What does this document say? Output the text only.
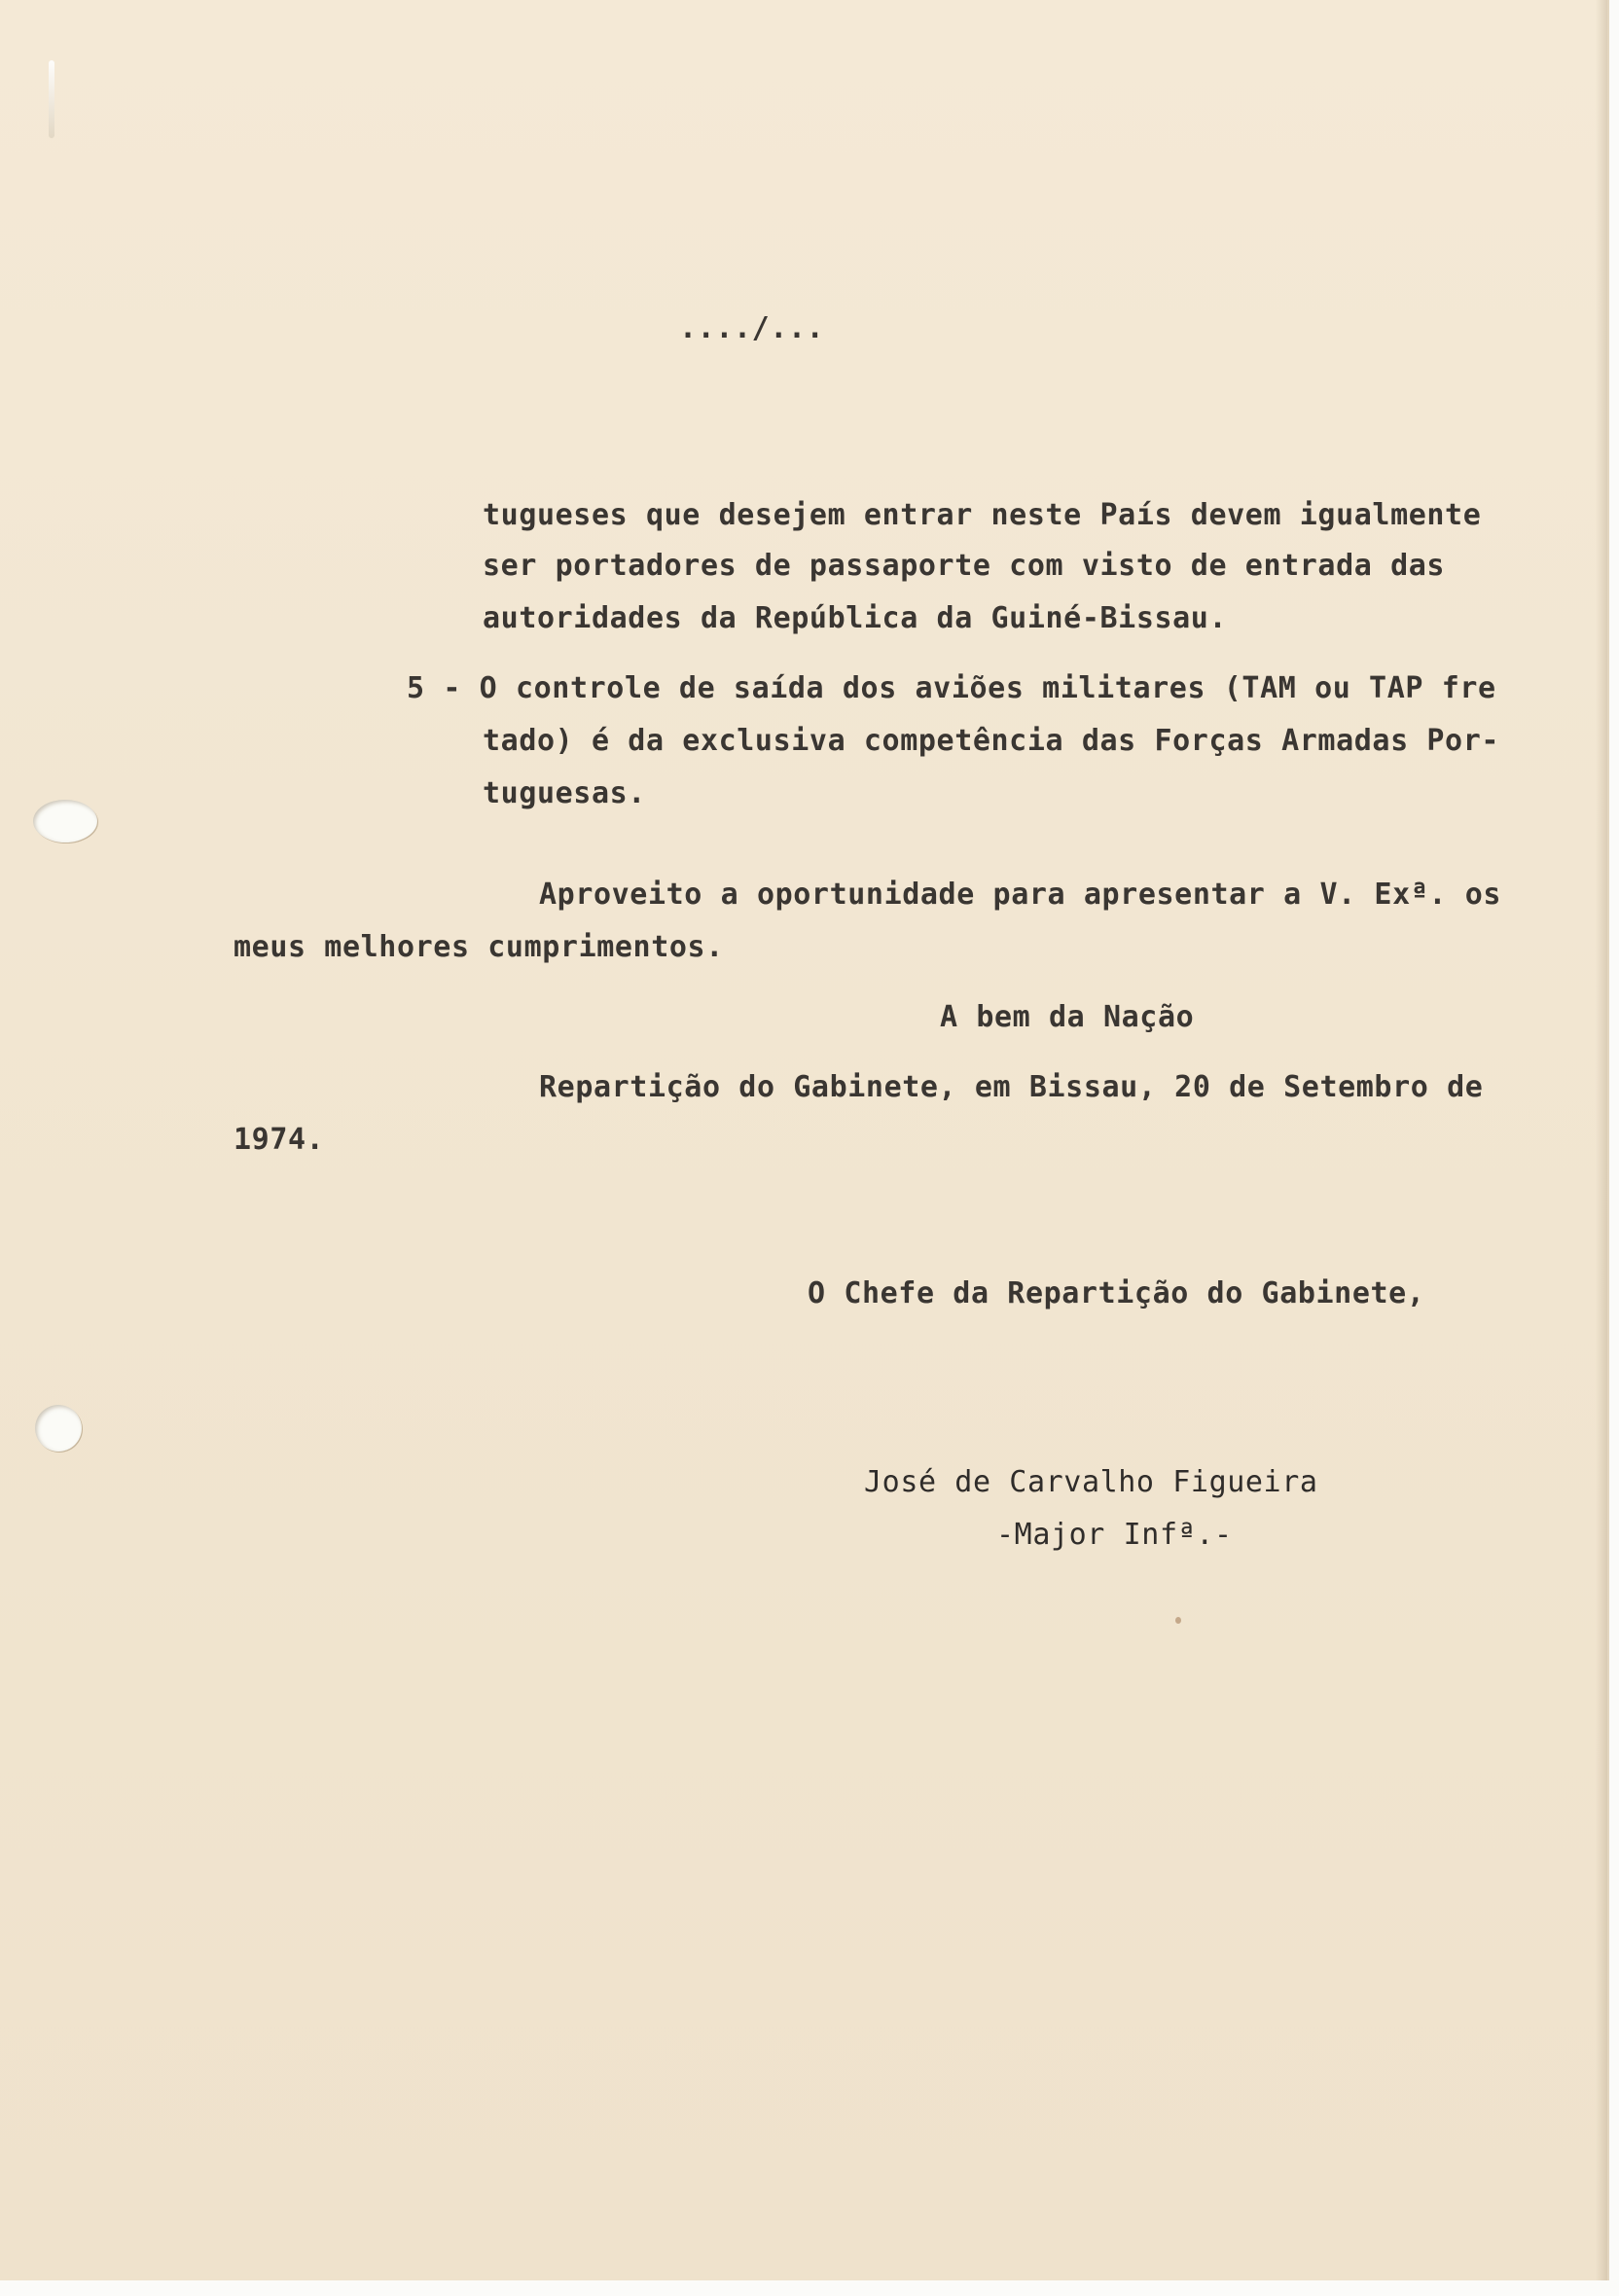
..../...

tugueses que desejem entrar neste País devem igualmente

ser portadores de passaporte com visto de entrada das

autoridades da República da Guiné-Bissau.

5 - O controle de saída dos aviões militares (TAM ou TAP fre

tado) é da exclusiva competência das Forças Armadas Por-

tuguesas.

Aproveito a oportunidade para apresentar a V. Exª. os

meus melhores cumprimentos.

A bem da Nação

Repartição do Gabinete, em Bissau, 20 de Setembro de

1974.

O Chefe da Repartição do Gabinete,

José de Carvalho Figueira

-Major Infª.-
